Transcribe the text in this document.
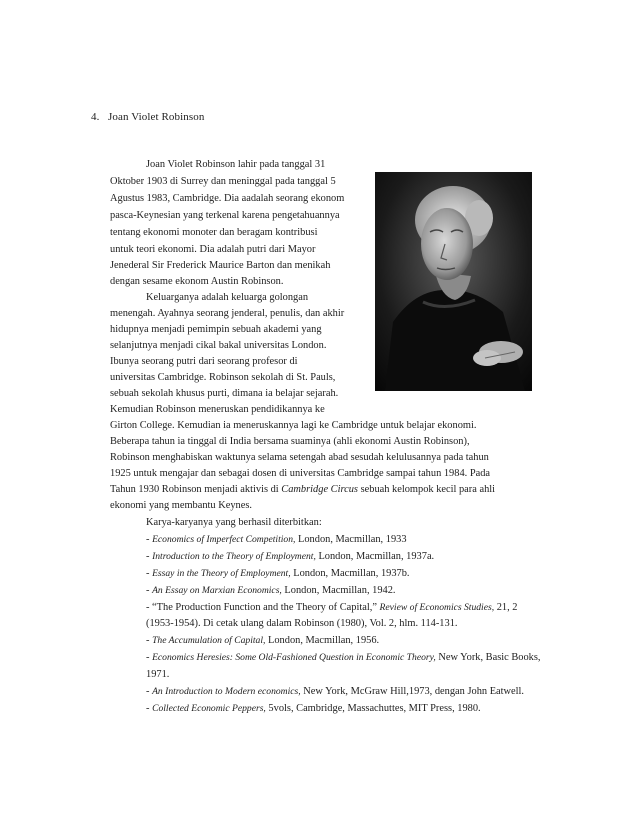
4. Joan Violet Robinson
Joan Violet Robinson lahir pada tanggal 31
Oktober 1903 di Surrey dan meninggal pada tanggal 5
Agustus 1983, Cambridge. Dia aadalah seorang ekonom
pasca-Keynesian yang terkenal karena pengetahuannya
tentang ekonomi monoter dan beragam kontribusi
untuk teori ekonomi. Dia adalah putri dari Mayor
Jenederal Sir Frederick Maurice Barton dan menikah
dengan sesame ekonom Austin Robinson.
Keluarganya adalah keluarga golongan
menengah. Ayahnya seorang jenderal, penulis, dan akhir
hidupnya menjadi pemimpin sebuah akademi yang
selanjutnya menjadi cikal bakal universitas London.
Ibunya seorang putri dari seorang profesor di
universitas Cambridge. Robinson sekolah di St. Pauls,
sebuah sekolah khusus purti, dimana ia belajar sejarah.
Kemudian Robinson meneruskan pendidikannya ke
Girton College. Kemudian ia meneruskannya lagi ke Cambridge untuk belajar ekonomi.
Beberapa tahun ia tinggal di India bersama suaminya (ahli ekonomi Austin Robinson),
Robinson menghabiskan waktunya selama setengah abad sesudah kelulusannya pada tahun
1925 untuk mengajar dan sebagai dosen di universitas Cambridge sampai tahun 1984. Pada
Tahun 1930 Robinson menjadi aktivis di Cambridge Circus sebuah kelompok kecil para ahli
ekonomi yang membantu Keynes.
Karya-karyanya yang berhasil diterbitkan:
- Economics of Imperfect Competition, London, Macmillan, 1933
- Introduction to the Theory of Employment, London, Macmillan, 1937a.
- Essay in the Theory of Employment, London, Macmillan, 1937b.
- An Essay on Marxian Economics, London, Macmillan, 1942.
- “The Production Function and the Theory of Capital,” Review of Economics Studies, 21, 2
(1953-1954). Di cetak ulang dalam Robinson (1980), Vol. 2, hlm. 114-131.
- The Accumulation of Capital, London, Macmillan, 1956.
- Economics Heresies: Some Old-Fashioned Question in Economic Theory, New York, Basic Books,
1971.
- An Introduction to Modern economics, New York, McGraw Hill,1973, dengan John Eatwell.
- Collected Economic Peppers, 5vols, Cambridge, Massachuttes, MIT Press, 1980.
